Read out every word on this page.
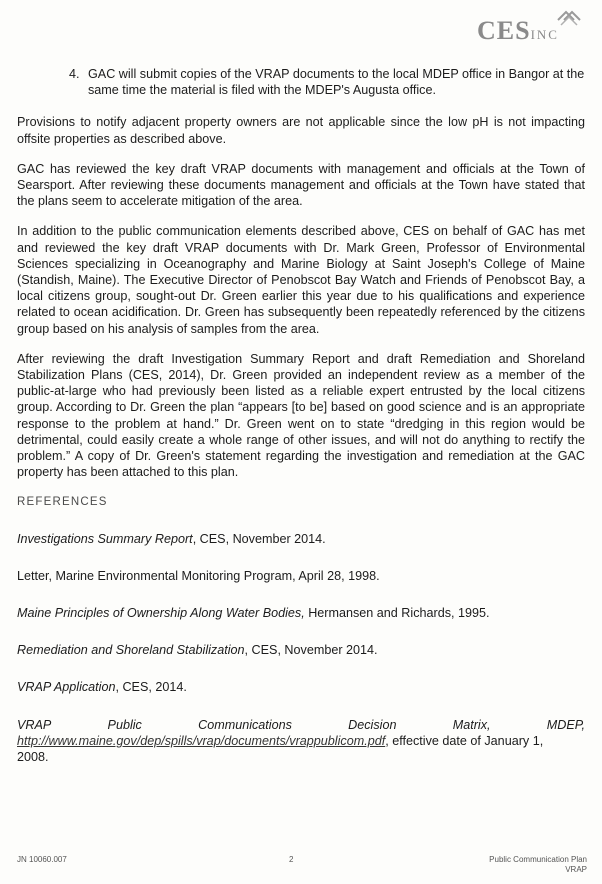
CESINC
4. GAC will submit copies of the VRAP documents to the local MDEP office in Bangor at the same time the material is filed with the MDEP's Augusta office.

Provisions to notify adjacent property owners are not applicable since the low pH is not impacting offsite properties as described above.

GAC has reviewed the key draft VRAP documents with management and officials at the Town of Searsport. After reviewing these documents management and officials at the Town have stated that the plans seem to accelerate mitigation of the area.

In addition to the public communication elements described above, CES on behalf of GAC has met and reviewed the key draft VRAP documents with Dr. Mark Green, Professor of Environmental Sciences specializing in Oceanography and Marine Biology at Saint Joseph's College of Maine (Standish, Maine). The Executive Director of Penobscot Bay Watch and Friends of Penobscot Bay, a local citizens group, sought-out Dr. Green earlier this year due to his qualifications and experience related to ocean acidification. Dr. Green has subsequently been repeatedly referenced by the citizens group based on his analysis of samples from the area.

After reviewing the draft Investigation Summary Report and draft Remediation and Shoreland Stabilization Plans (CES, 2014), Dr. Green provided an independent review as a member of the public-at-large who had previously been listed as a reliable expert entrusted by the local citizens group. According to Dr. Green the plan “appears [to be] based on good science and is an appropriate response to the problem at hand.” Dr. Green went on to state “dredging in this region would be detrimental, could easily create a whole range of other issues, and will not do anything to rectify the problem.” A copy of Dr. Green's statement regarding the investigation and remediation at the GAC property has been attached to this plan.

REFERENCES
Investigations Summary Report, CES, November 2014.
Letter, Marine Environmental Monitoring Program, April 28, 1998.
Maine Principles of Ownership Along Water Bodies, Hermansen and Richards, 1995.
Remediation and Shoreland Stabilization, CES, November 2014.
VRAP Application, CES, 2014.
VRAP	Public	Communications	Decision	Matrix,	MDEP,
http://www.maine.gov/dep/spills/vrap/documents/vrappublicom.pdf, effective date of January 1,
2008.
JN 10060.007	2	Public Communication Plan
VRAP
